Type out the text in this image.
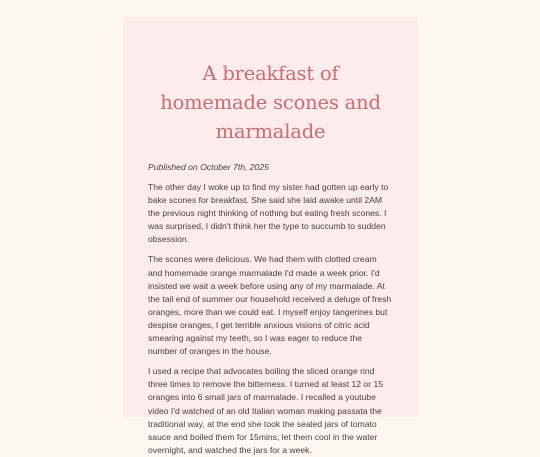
A breakfast of homemade scones and marmalade

Published on October 7th, 2025

The other day I woke up to find my sister had gotten up early to bake scones for breakfast. She said she laid awake until 2AM the previous night thinking of nothing but eating fresh scones. I was surprised, I didn't think her the type to succumb to sudden obsession.

The scones were delicious. We had them with clotted cream and homemade orange marmalade I'd made a week prior. I'd insisted we wait a week before using any of my marmalade. At the tail end of summer our household received a deluge of fresh oranges, more than we could eat. I myself enjoy tangerines but despise oranges, I get terrible anxious visions of citric acid smearing against my teeth, so I was eager to reduce the number of oranges in the house.

I used a recipe that advocates boiling the sliced orange rind three times to remove the bitterness. I turned at least 12 or 15 oranges into 6 small jars of marmalade. I recalled a youtube video I'd watched of an old Italian woman making passata the traditional way, at the end she took the sealed jars of tomato sauce and boiled them for 15mins, let them cool in the water overnight, and watched the jars for a week.
